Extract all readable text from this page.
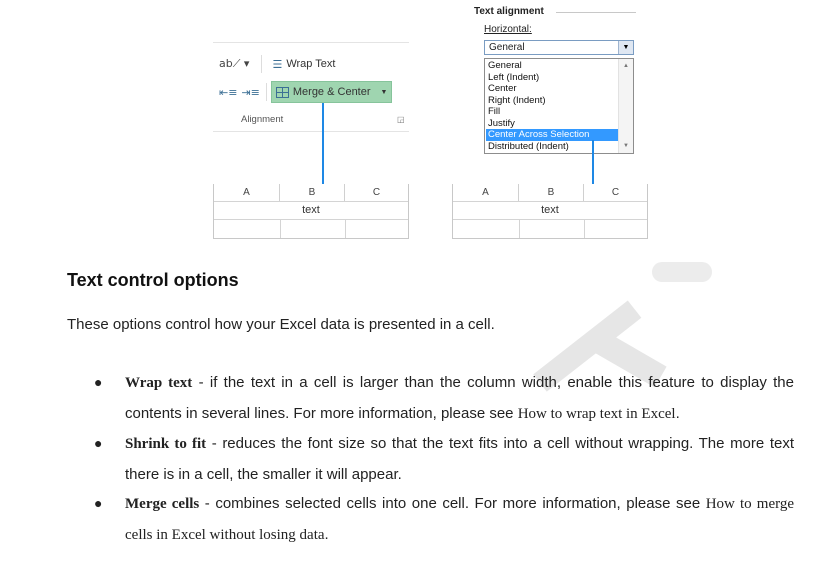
ab⟋ ▾ ☰ Wrap Text
⇤≡ ⇥≡	Merge & Center ▼
Alignment	◲
Text alignment
Horizontal:
General	▼
General
Left (Indent)
Center
Right (Indent)
Fill
Justify
Center Across Selection
Distributed (Indent)
▲
▼
A	B	C
text
A	B	C
text
Text control options
These options control how your Excel data is presented in a cell.
● Wrap text - if the text in a cell is larger than the column width, enable this feature to display the contents in several lines. For more information, please see How to wrap text in Excel.
● Shrink to fit - reduces the font size so that the text fits into a cell without wrapping. The more text there is in a cell, the smaller it will appear.
● Merge cells - combines selected cells into one cell. For more information, please see How to merge cells in Excel without losing data.
